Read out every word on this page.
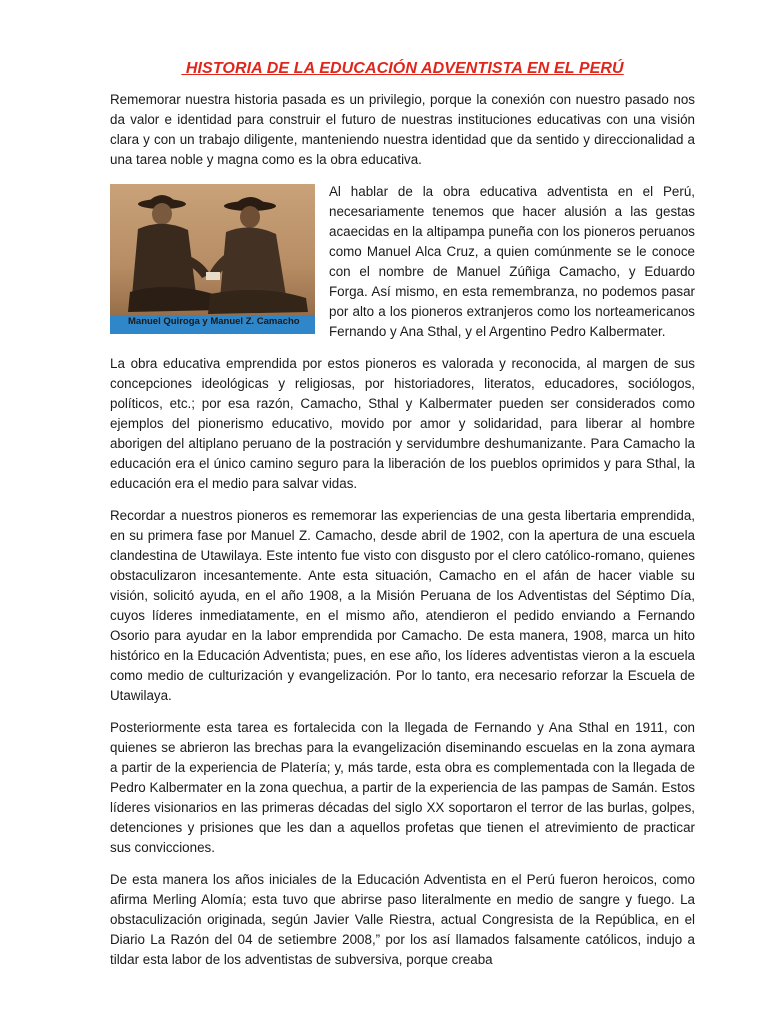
HISTORIA DE LA EDUCACIÓN ADVENTISTA EN EL PERÚ

Rememorar nuestra historia pasada es un privilegio, porque la conexión con nuestro pasado nos da valor e identidad para construir el futuro de nuestras instituciones educativas con una visión clara y con un trabajo diligente, manteniendo nuestra identidad que da sentido y direccionalidad a una tarea noble y magna como es la obra educativa.

Manuel Quiroga y Manuel Z. Camacho

Al hablar de la obra educativa adventista en el Perú, necesariamente tenemos que hacer alusión a las gestas acaecidas en la altipampa puneña con los pioneros peruanos como Manuel Alca Cruz, a quien comúnmente se le conoce con el nombre de Manuel Zúñiga Camacho, y Eduardo Forga. Así mismo, en esta remembranza, no podemos pasar por alto a los pioneros extranjeros como los norteamericanos Fernando y Ana Sthal, y el Argentino Pedro Kalbermater.

La obra educativa emprendida por estos pioneros es valorada y reconocida, al margen de sus concepciones ideológicas y religiosas, por historiadores, literatos, educadores, sociólogos, políticos, etc.; por esa razón, Camacho, Sthal y Kalbermater pueden ser considerados como ejemplos del pionerismo educativo, movido por amor y solidaridad, para liberar al hombre aborigen del altiplano peruano de la postración y servidumbre deshumanizante. Para Camacho la educación era el único camino seguro para la liberación de los pueblos oprimidos y para Sthal, la educación era el medio para salvar vidas.

Recordar a nuestros pioneros es rememorar las experiencias de una gesta libertaria emprendida, en su primera fase por Manuel Z. Camacho, desde abril de 1902, con la apertura de una escuela clandestina de Utawilaya. Este intento fue visto con disgusto por el clero católico-romano, quienes obstaculizaron incesantemente. Ante esta situación, Camacho en el afán de hacer viable su visión, solicitó ayuda, en el año 1908, a la Misión Peruana de los Adventistas del Séptimo Día, cuyos líderes inmediatamente, en el mismo año, atendieron el pedido enviando a Fernando Osorio para ayudar en la labor emprendida por Camacho. De esta manera, 1908, marca un hito histórico en la Educación Adventista; pues, en ese año, los líderes adventistas vieron a la escuela como medio de culturización y evangelización. Por lo tanto, era necesario reforzar la Escuela de Utawilaya.

Posteriormente esta tarea es fortalecida con la llegada de Fernando y Ana Sthal en 1911, con quienes se abrieron las brechas para la evangelización diseminando escuelas en la zona aymara a partir de la experiencia de Platería; y, más tarde, esta obra es complementada con la llegada de Pedro Kalbermater en la zona quechua, a partir de la experiencia de las pampas de Samán. Estos líderes visionarios en las primeras décadas del siglo XX soportaron el terror de las burlas, golpes, detenciones y prisiones que les dan a aquellos profetas que tienen el atrevimiento de practicar sus convicciones.

De esta manera los años iniciales de la Educación Adventista en el Perú fueron heroicos, como afirma Merling Alomía; esta tuvo que abrirse paso literalmente en medio de sangre y fuego. La obstaculización originada, según Javier Valle Riestra, actual Congresista de la República, en el Diario La Razón del 04 de setiembre 2008,” por los así llamados falsamente católicos, indujo a tildar esta labor de los adventistas de subversiva, porque creaba
